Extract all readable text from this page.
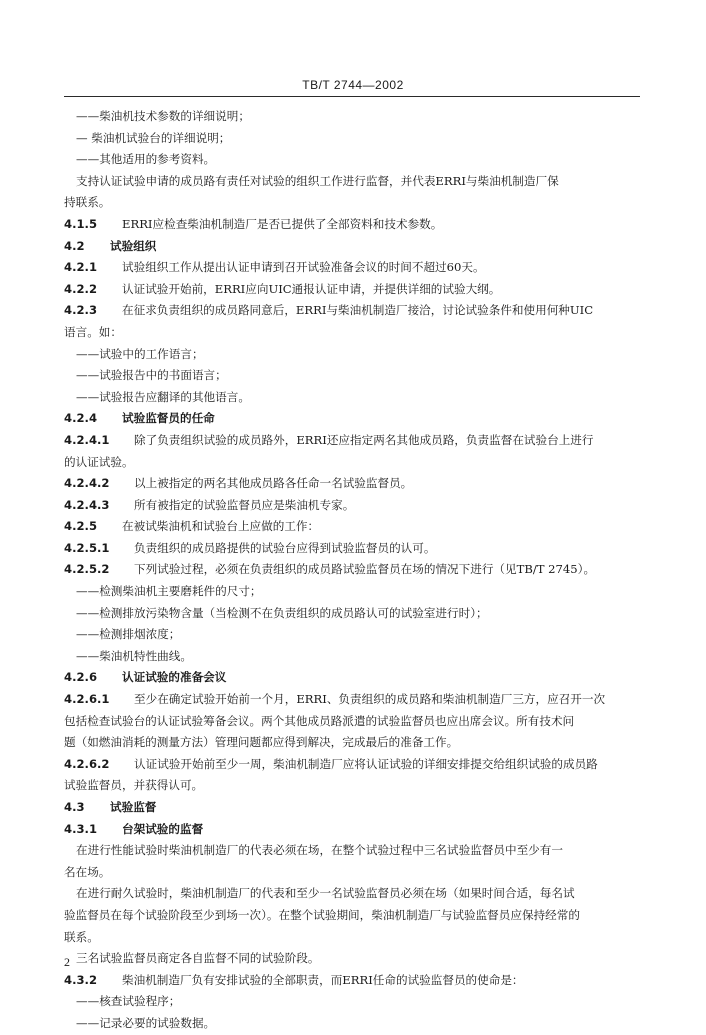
TB/T 2744—2002
——柴油机技术参数的详细说明；
— 柴油机试验台的详细说明；
——其他适用的参考资料。
支持认证试验申请的成员路有责任对试验的组织工作进行监督，并代表ERRI与柴油机制造厂保
持联系。
4.1.5 ERRI应检查柴油机制造厂是否已提供了全部资料和技术参数。
4.2 试验组织
4.2.1 试验组织工作从提出认证申请到召开试验准备会议的时间不超过60天。
4.2.2 认证试验开始前，ERRI应向UIC通报认证申请，并提供详细的试验大纲。
4.2.3 在征求负责组织的成员路同意后，ERRI与柴油机制造厂接洽，讨论试验条件和使用何种UIC
语言。如：
——试验中的工作语言；
——试验报告中的书面语言；
——试验报告应翻译的其他语言。
4.2.4 试验监督员的任命
4.2.4.1 除了负责组织试验的成员路外，ERRI还应指定两名其他成员路，负责监督在试验台上进行
的认证试验。
4.2.4.2 以上被指定的两名其他成员路各任命一名试验监督员。
4.2.4.3 所有被指定的试验监督员应是柴油机专家。
4.2.5 在被试柴油机和试验台上应做的工作：
4.2.5.1 负责组织的成员路提供的试验台应得到试验监督员的认可。
4.2.5.2 下列试验过程，必须在负责组织的成员路试验监督员在场的情况下进行（见TB/T 2745）。
——检测柴油机主要磨耗件的尺寸；
——检测排放污染物含量（当检测不在负责组织的成员路认可的试验室进行时）；
——检测排烟浓度；
——柴油机特性曲线。
4.2.6 认证试验的准备会议
4.2.6.1 至少在确定试验开始前一个月，ERRI、负责组织的成员路和柴油机制造厂三方，应召开一次
包括检查试验台的认证试验筹备会议。两个其他成员路派遣的试验监督员也应出席会议。所有技术问
题（如燃油消耗的测量方法）管理问题都应得到解决，完成最后的准备工作。
4.2.6.2 认证试验开始前至少一周，柴油机制造厂应将认证试验的详细安排提交给组织试验的成员路
试验监督员，并获得认可。
4.3 试验监督
4.3.1 台架试验的监督
在进行性能试验时柴油机制造厂的代表必须在场，在整个试验过程中三名试验监督员中至少有一
名在场。
在进行耐久试验时，柴油机制造厂的代表和至少一名试验监督员必须在场（如果时间合适，每名试
验监督员在每个试验阶段至少到场一次）。在整个试验期间，柴油机制造厂与试验监督员应保持经常的
联系。
三名试验监督员商定各自监督不同的试验阶段。
4.3.2 柴油机制造厂负有安排试验的全部职责，而ERRI任命的试验监督员的使命是：
——核查试验程序；
——记录必要的试验数据。
2
